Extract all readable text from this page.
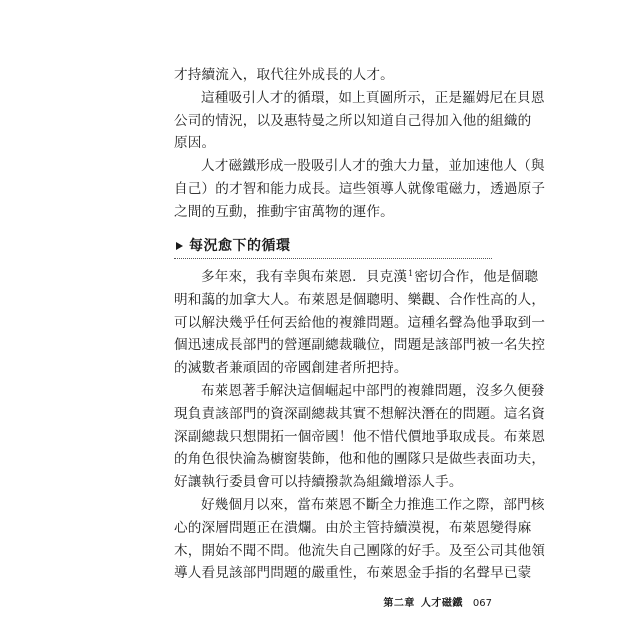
才持續流入，取代往外成長的人才。
這種吸引人才的循環，如上頁圖所示，正是羅姆尼在貝恩
公司的情況，以及惠特曼之所以知道自己得加入他的組織的
原因。
人才磁鐵形成一股吸引人才的強大力量，並加速他人（與
自己）的才智和能力成長。這些領導人就像電磁力，透過原子
之間的互動，推動宇宙萬物的運作。
每況愈下的循環
多年來，我有幸與布萊恩．貝克漢$^1$密切合作，他是個聰
明和藹的加拿大人。布萊恩是個聰明、樂觀、合作性高的人，
可以解決幾乎任何丟給他的複雜問題。這種名聲為他爭取到一
個迅速成長部門的營運副總裁職位，問題是該部門被一名失控
的滅數者兼頑固的帝國創建者所把持。
布萊恩著手解決這個崛起中部門的複雜問題，沒多久便發
現負責該部門的資深副總裁其實不想解決潛在的問題。這名資
深副總裁只想開拓一個帝國！他不惜代價地爭取成長。布萊恩
的角色很快淪為櫥窗裝飾，他和他的團隊只是做些表面功夫，
好讓執行委員會可以持續撥款為組織增添人手。
好幾個月以來，當布萊恩不斷全力推進工作之際，部門核
心的深層問題正在潰爛。由於主管持續漠視，布萊恩變得麻
木，開始不聞不問。他流失自己團隊的好手。及至公司其他領
導人看見該部門問題的嚴重性，布萊恩金手指的名聲早已蒙
第二章 人才磁鐵 067
